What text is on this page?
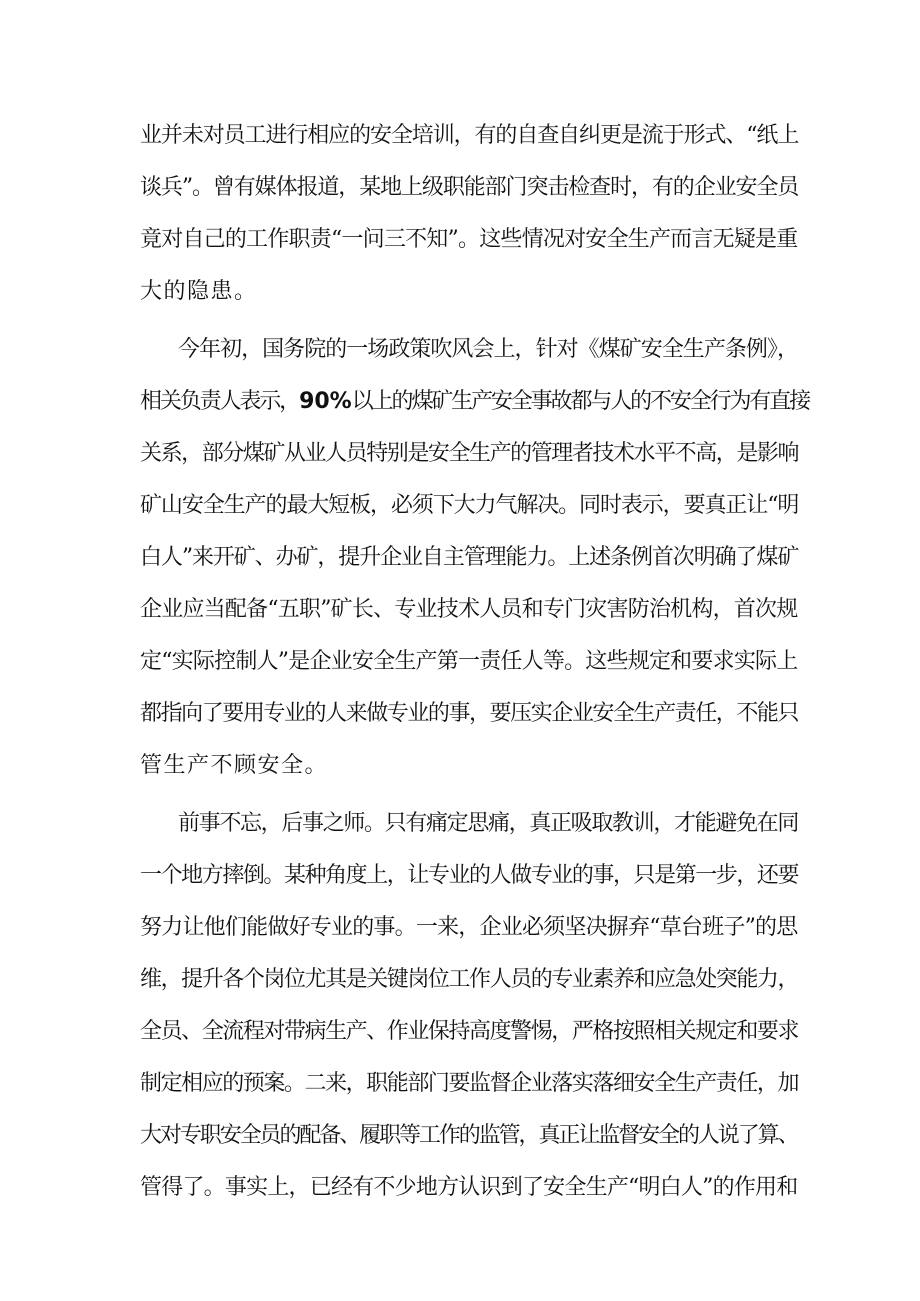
业并未对员工进行相应的安全培训，有的自查自纠更是流于形式、“纸上

谈兵”。曾有媒体报道，某地上级职能部门突击检查时，有的企业安全员

竟对自己的工作职责“一问三不知”。这些情况对安全生产而言无疑是重

大的隐患。

今年初，国务院的一场政策吹风会上，针对《煤矿安全生产条例》，

相关负责人表示，90%以上的煤矿生产安全事故都与人的不安全行为有直接

关系，部分煤矿从业人员特别是安全生产的管理者技术水平不高，是影响

矿山安全生产的最大短板，必须下大力气解决。同时表示，要真正让“明

白人”来开矿、办矿，提升企业自主管理能力。上述条例首次明确了煤矿

企业应当配备“五职”矿长、专业技术人员和专门灾害防治机构，首次规

定“实际控制人”是企业安全生产第一责任人等。这些规定和要求实际上

都指向了要用专业的人来做专业的事，要压实企业安全生产责任，不能只

管生产不顾安全。

前事不忘，后事之师。只有痛定思痛，真正吸取教训，才能避免在同

一个地方摔倒。某种角度上，让专业的人做专业的事，只是第一步，还要

努力让他们能做好专业的事。一来，企业必须坚决摒弃“草台班子”的思

维，提升各个岗位尤其是关键岗位工作人员的专业素养和应急处突能力，

全员、全流程对带病生产、作业保持高度警惕，严格按照相关规定和要求

制定相应的预案。二来，职能部门要监督企业落实落细安全生产责任，加

大对专职安全员的配备、履职等工作的监管，真正让监督安全的人说了算、

管得了。事实上，已经有不少地方认识到了安全生产“明白人”的作用和
